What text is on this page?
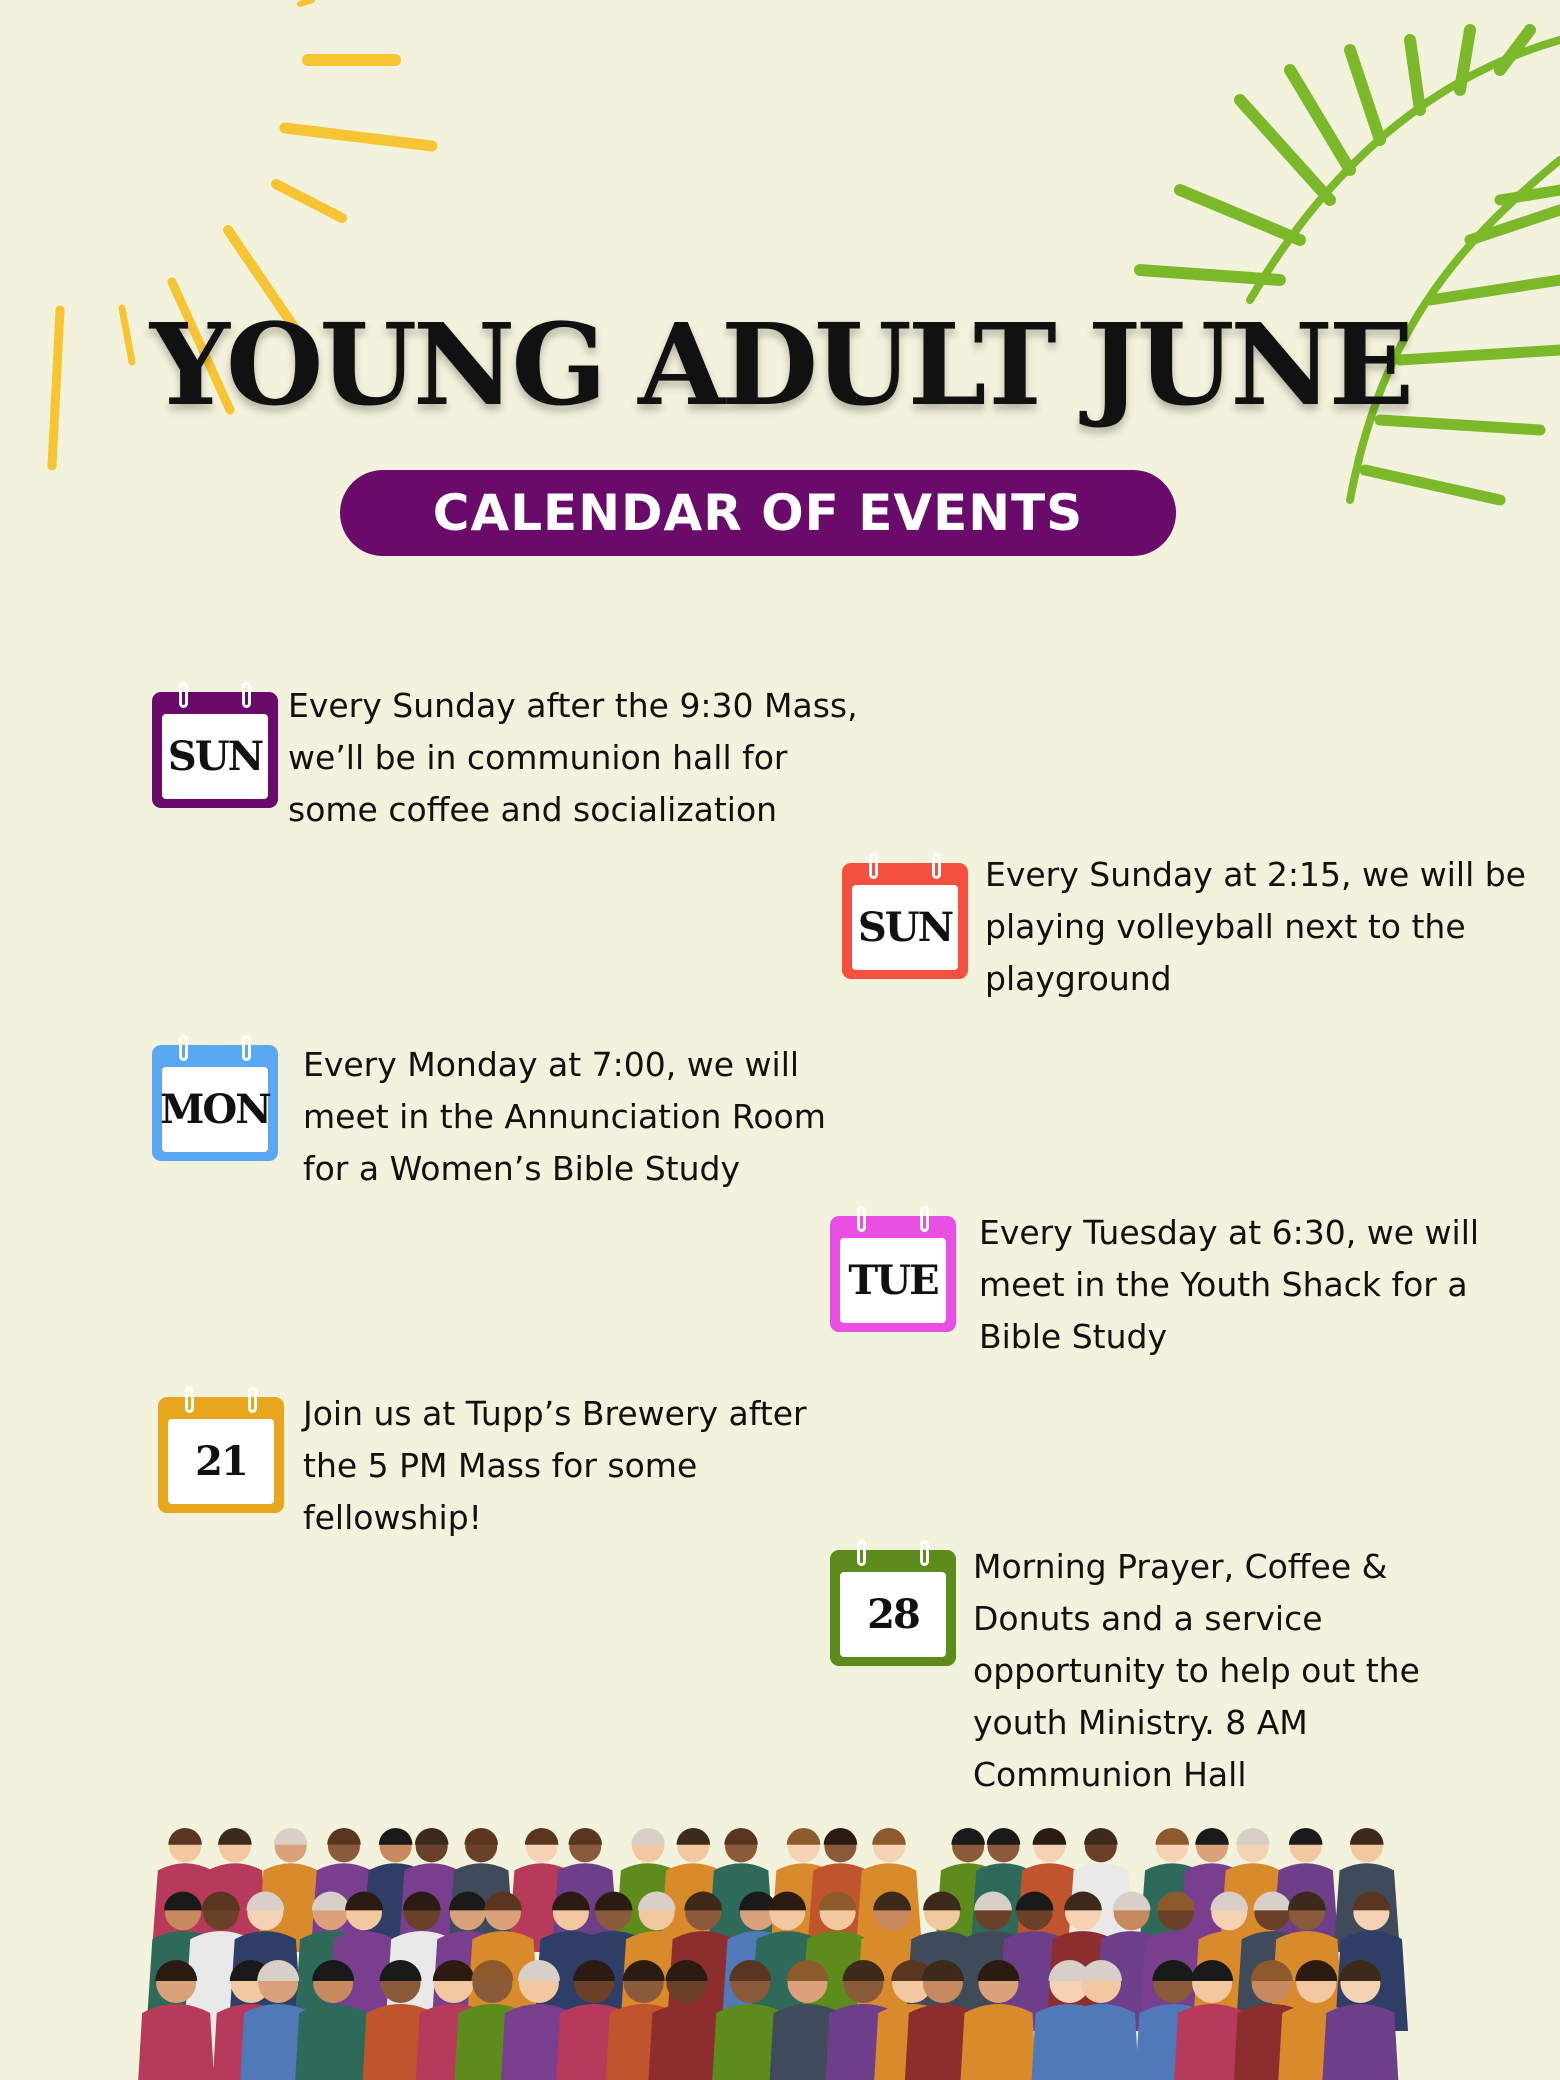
YOUNG ADULT JUNE
CALENDAR OF EVENTS
SUN

Every Sunday after the 9:30 Mass,
we’ll be in communion hall for
some coffee and socialization

SUN

Every Sunday at 2:15, we will be
playing volleyball next to the
playground

MON

Every Monday at 7:00, we will
meet in the Annunciation Room
for a Women’s Bible Study

TUE

Every Tuesday at 6:30, we will
meet in the Youth Shack for a
Bible Study

21

Join us at Tupp’s Brewery after
the 5 PM Mass for some
fellowship!

28

Morning Prayer, Coffee &
Donuts and a service
opportunity to help out the
youth Ministry. 8 AM
Communion Hall
